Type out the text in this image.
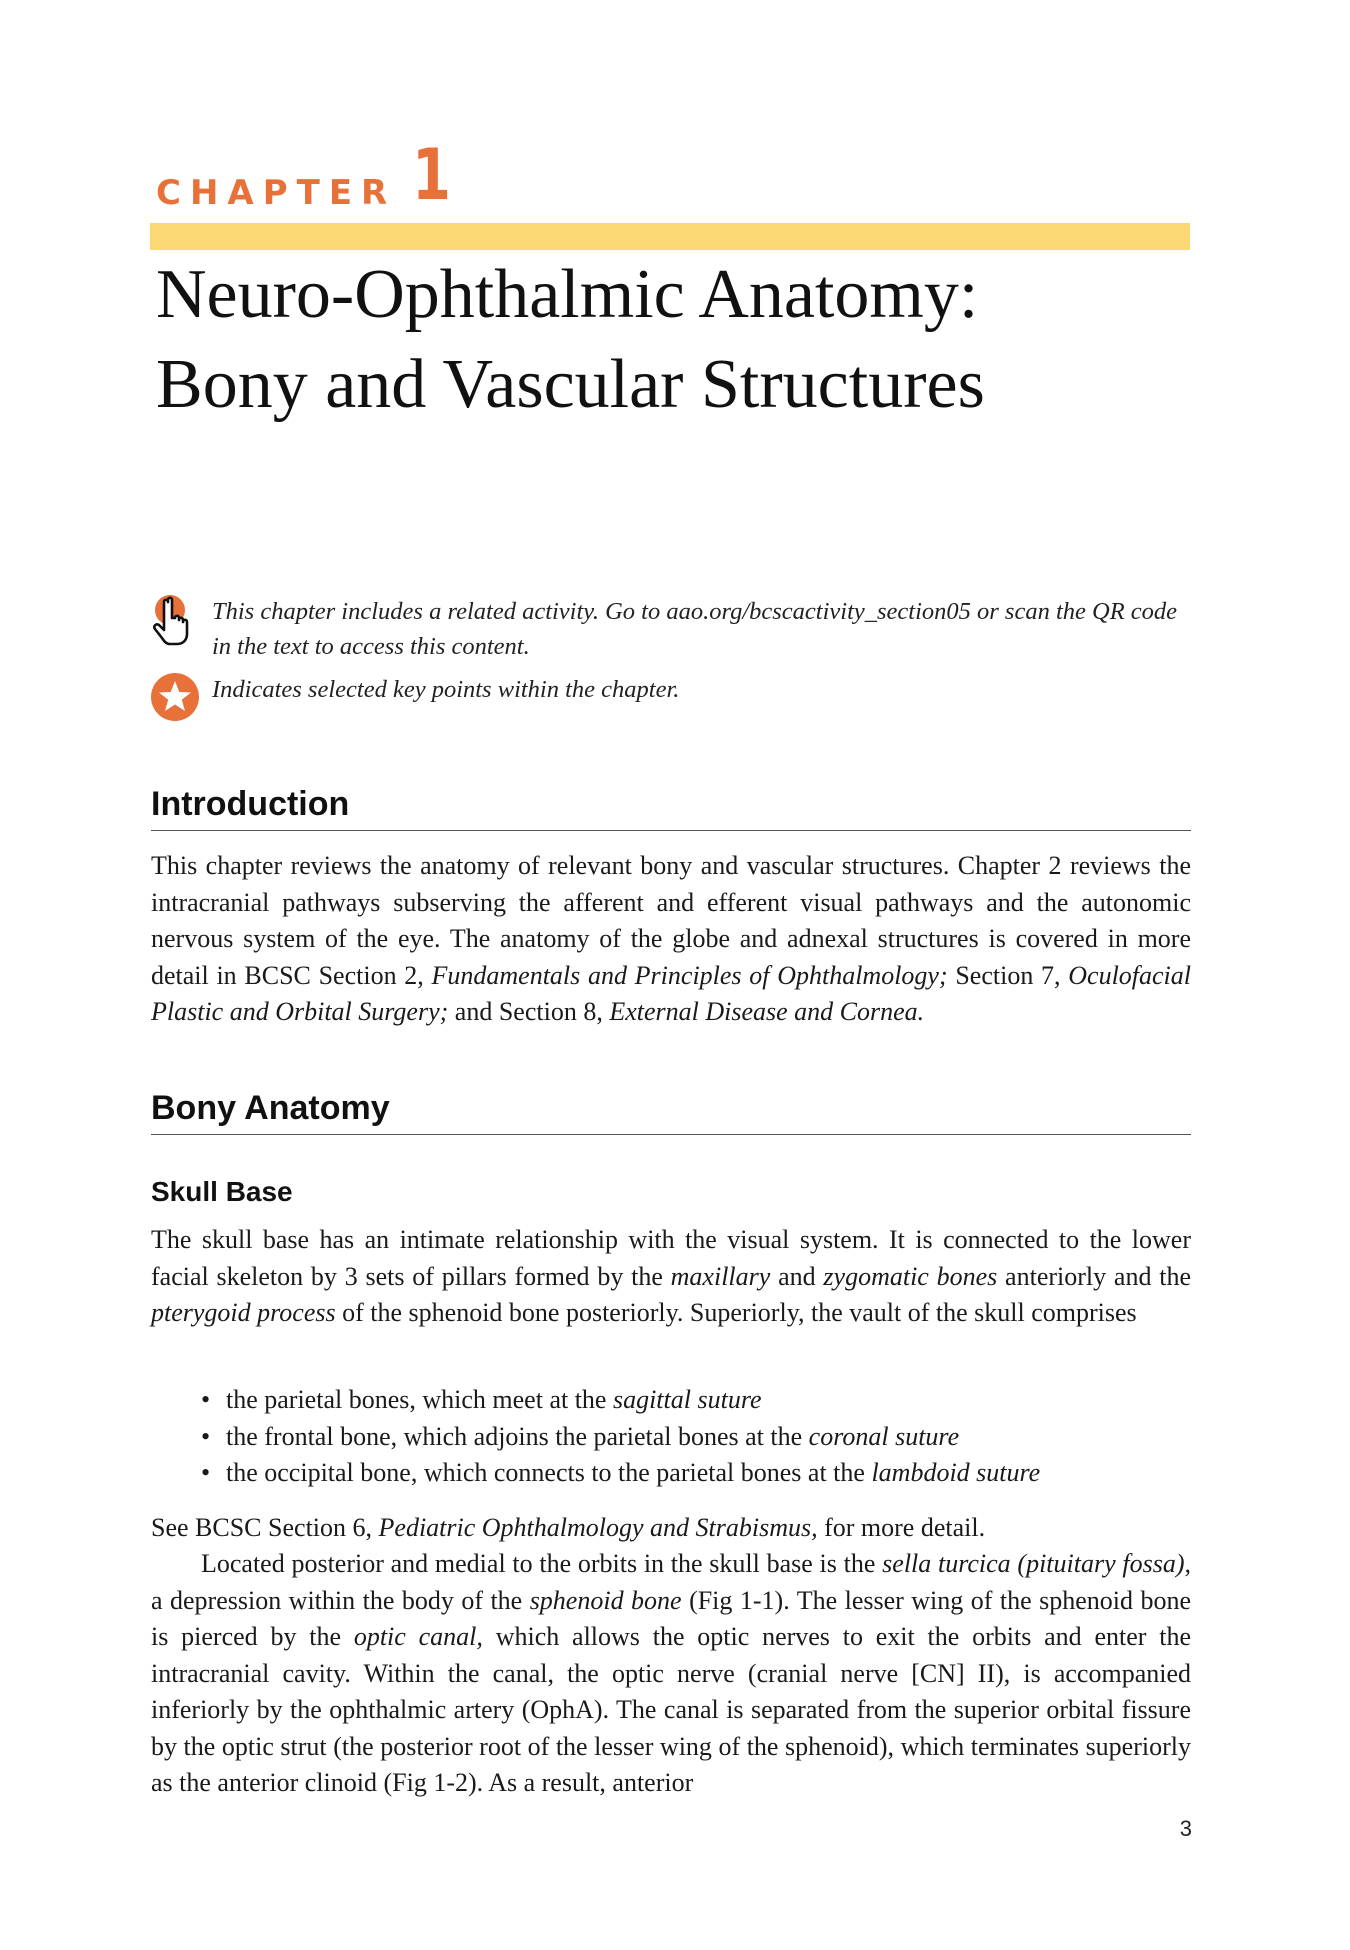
CHAPTER 1
Neuro-Ophthalmic Anatomy:
Bony and Vascular Structures
This chapter includes a related activity. Go to aao.org/bcscactivity_section05 or scan the QR code in the text to access this content.
Indicates selected key points within the chapter.
Introduction

This chapter reviews the anatomy of relevant bony and vascular structures. Chapter 2 reviews the intracranial pathways subserving the afferent and efferent visual pathways and the autonomic nervous system of the eye. The anatomy of the globe and adnexal structures is covered in more detail in BCSC Section 2, Fundamentals and Principles of Ophthalmology; Section 7, Oculofacial Plastic and Orbital Surgery; and Section 8, External Disease and Cornea.

Bony Anatomy
Skull Base

The skull base has an intimate relationship with the visual system. It is connected to the lower facial skeleton by 3 sets of pillars formed by the maxillary and zygomatic bones anteriorly and the pterygoid process of the sphenoid bone posteriorly. Superiorly, the vault of the skull comprises

• the parietal bones, which meet at the sagittal suture
• the frontal bone, which adjoins the parietal bones at the coronal suture
• the occipital bone, which connects to the parietal bones at the lambdoid suture

See BCSC Section 6, Pediatric Ophthalmology and Strabismus, for more detail.

Located posterior and medial to the orbits in the skull base is the sella turcica (pituitary fossa), a depression within the body of the sphenoid bone (Fig 1-1). The lesser wing of the sphenoid bone is pierced by the optic canal, which allows the optic nerves to exit the orbits and enter the intracranial cavity. Within the canal, the optic nerve (cranial nerve [CN] II), is accompanied inferiorly by the ophthalmic artery (OphA). The canal is separated from the superior orbital fissure by the optic strut (the posterior root of the lesser wing of the sphenoid), which terminates superiorly as the anterior clinoid (Fig 1-2). As a result, anterior

3
